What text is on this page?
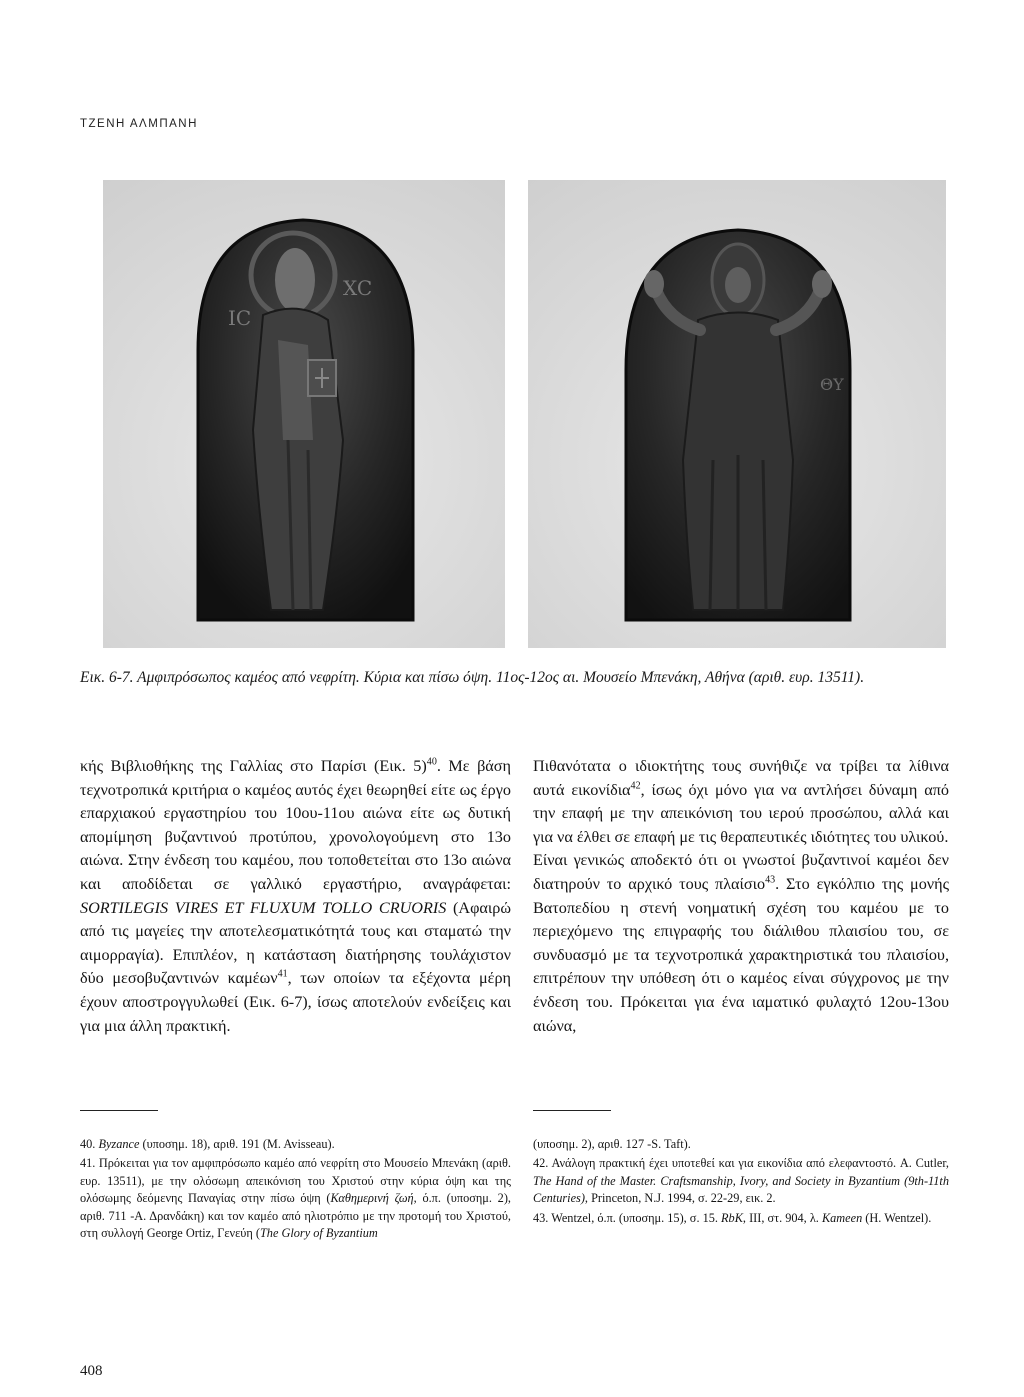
ΤΖΕΝΗ ΑΛΜΠΑΝΗ
IC
XC
ΘΥ
Εικ. 6-7. Αμφιπρόσωπος καμέος από νεφρίτη. Κύρια και πίσω όψη. 11ος-12ος αι. Μουσείο Μπενάκη, Αθήνα (αριθ. ευρ. 13511).

κής Βιβλιοθήκης της Γαλλίας στο Παρίσι (Εικ. 5)$^{40}$. Με βάση τεχνοτροπικά κριτήρια ο καμέος αυτός έχει θεωρηθεί είτε ως έργο επαρχιακού εργαστηρίου του 10ου-11ου αιώνα είτε ως δυτική απομίμηση βυζαντινού προτύπου, χρονολογούμενη στο 13ο αιώνα. Στην ένδεση του καμέου, που τοποθετείται στο 13ο αιώνα και αποδίδεται σε γαλλικό εργαστήριο, αναγράφεται: SORTILEGIS VIRES ET FLUXUM TOLLO CRUORIS (Αφαιρώ από τις μαγείες την αποτελεσματικότητά τους και σταματώ την αιμορραγία). Επιπλέον, η κατάσταση διατήρησης τουλάχιστον δύο μεσοβυζαντινών καμέων$^{41}$, των οποίων τα εξέχοντα μέρη έχουν αποστρογγυλωθεί (Εικ. 6-7), ίσως αποτελούν ενδείξεις και για μια άλλη πρακτική.

Πιθανότατα ο ιδιοκτήτης τους συνήθιζε να τρίβει τα λίθινα αυτά εικονίδια$^{42}$, ίσως όχι μόνο για να αντλήσει δύναμη από την επαφή με την απεικόνιση του ιερού προσώπου, αλλά και για να έλθει σε επαφή με τις θεραπευτικές ιδιότητες του υλικού.

Είναι γενικώς αποδεκτό ότι οι γνωστοί βυζαντινοί καμέοι δεν διατηρούν το αρχικό τους πλαίσιο$^{43}$. Στο εγκόλπιο της μονής Βατοπεδίου η στενή νοηματική σχέση του καμέου με το περιεχόμενο της επιγραφής του διάλιθου πλαισίου του, σε συνδυασμό με τα τεχνοτροπικά χαρακτηριστικά του πλαισίου, επιτρέπουν την υπόθεση ότι ο καμέος είναι σύγχρονος με την ένδεση του. Πρόκειται για ένα ιαματικό φυλαχτό 12ου-13ου αιώνα,

40. Byzance (υποσημ. 18), αριθ. 191 (M. Avisseau).

41. Πρόκειται για τον αμφιπρόσωπο καμέο από νεφρίτη στο Μουσείο Μπενάκη (αριθ. ευρ. 13511), με την ολόσωμη απεικόνιση του Χριστού στην κύρια όψη και της ολόσωμης δεόμενης Παναγίας στην πίσω όψη (Καθημερινή ζωή, ό.π. (υποσημ. 2), αριθ. 711 -Α. Δρανδάκη) και τον καμέο από ηλιοτρόπιο με την προτομή του Χριστού, στη συλλογή George Ortiz, Γενεύη (The Glory of Byzantium

(υποσημ. 2), αριθ. 127 -S. Taft).

42. Ανάλογη πρακτική έχει υποτεθεί και για εικονίδια από ελεφαντοστό. A. Cutler, The Hand of the Master. Craftsmanship, Ivory, and Society in Byzantium (9th-11th Centuries), Princeton, N.J. 1994, σ. 22-29, εικ. 2.

43. Wentzel, ό.π. (υποσημ. 15), σ. 15. RbK, III, στ. 904, λ. Kameen (H. Wentzel).

408
